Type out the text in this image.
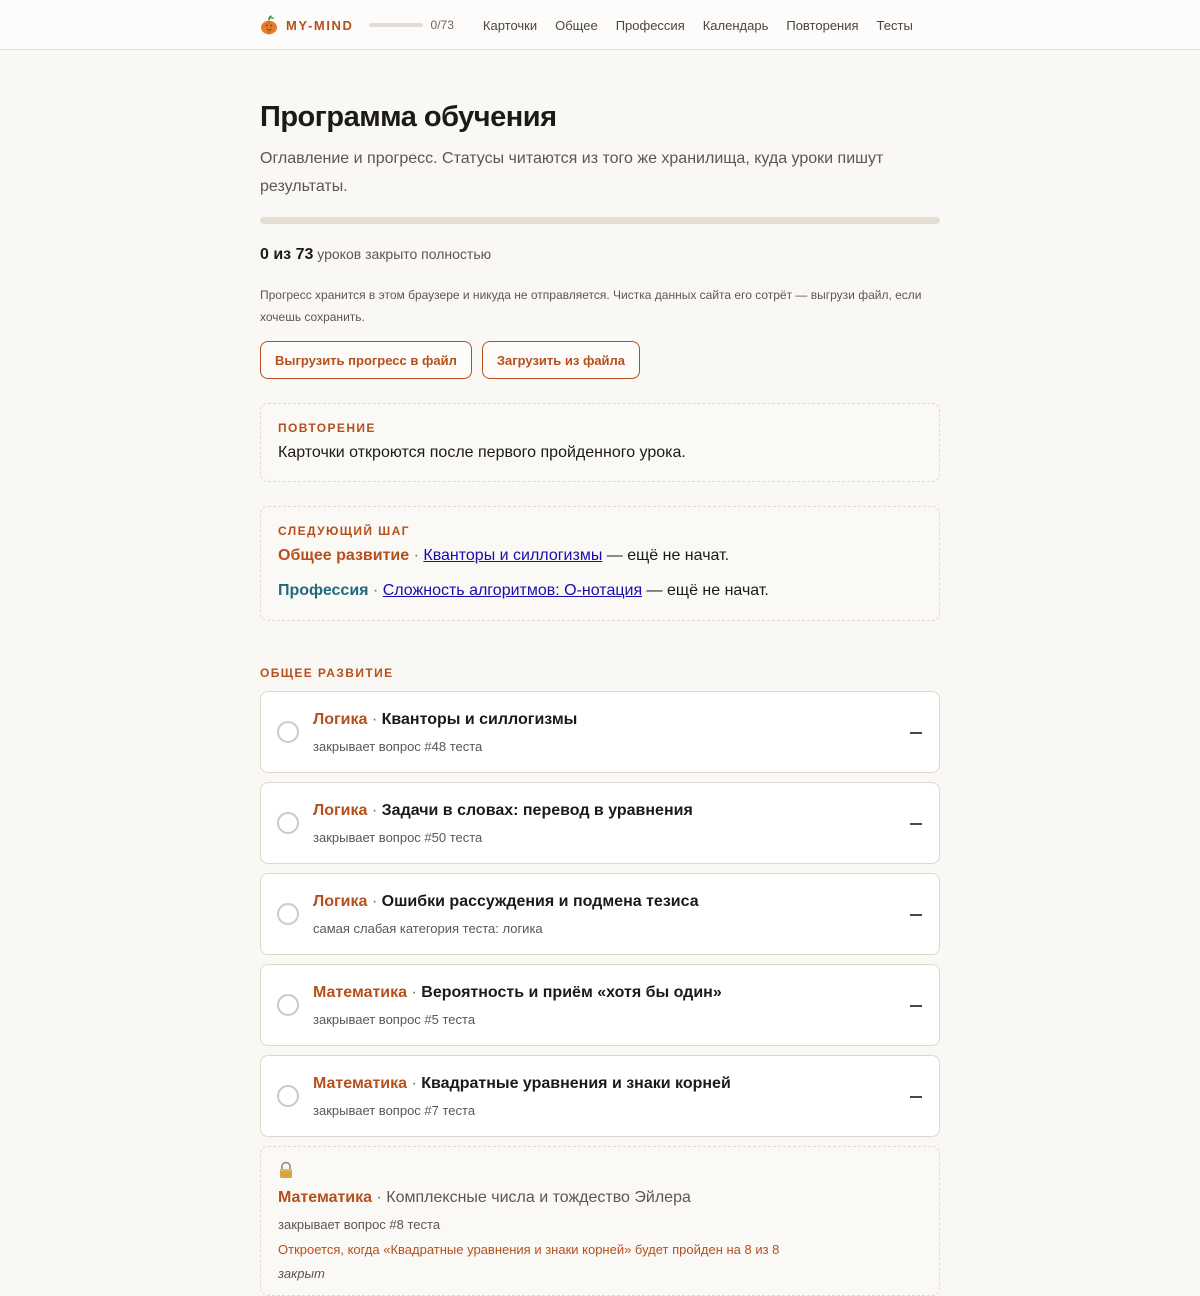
MY-MIND	0/73 Карточки Общее Профессия Календарь Повторения Тесты
Программа обучения

Оглавление и прогресс. Статусы читаются из того же хранилища, куда уроки пишут результаты.

0 из 73 уроков закрыто полностью

Прогресс хранится в этом браузере и никуда не отправляется. Чистка данных сайта его сотрёт — выгрузи файл, если хочешь сохранить.

Выгрузить прогресс в файл	Загрузить из файла
ПОВТОРЕНИЕ

Карточки откроются после первого пройденного урока.

СЛЕДУЮЩИЙ ШАГ
Общее развитие · Кванторы и силлогизмы — ещё не начат.
Профессия · Сложность алгоритмов: O-нотация — ещё не начат.
ОБЩЕЕ РАЗВИТИЕ
Логика · Кванторы и силлогизмы
закрывает вопрос #48 теста
Логика · Задачи в словах: перевод в уравнения
закрывает вопрос #50 теста
Логика · Ошибки рассуждения и подмена тезиса
самая слабая категория теста: логика
Математика · Вероятность и приём «хотя бы один»
закрывает вопрос #5 теста
Математика · Квадратные уравнения и знаки корней
закрывает вопрос #7 теста
Математика · Комплексные числа и тождество Эйлера
закрывает вопрос #8 теста
Откроется, когда «Квадратные уравнения и знаки корней» будет пройден на 8 из 8
закрыт
